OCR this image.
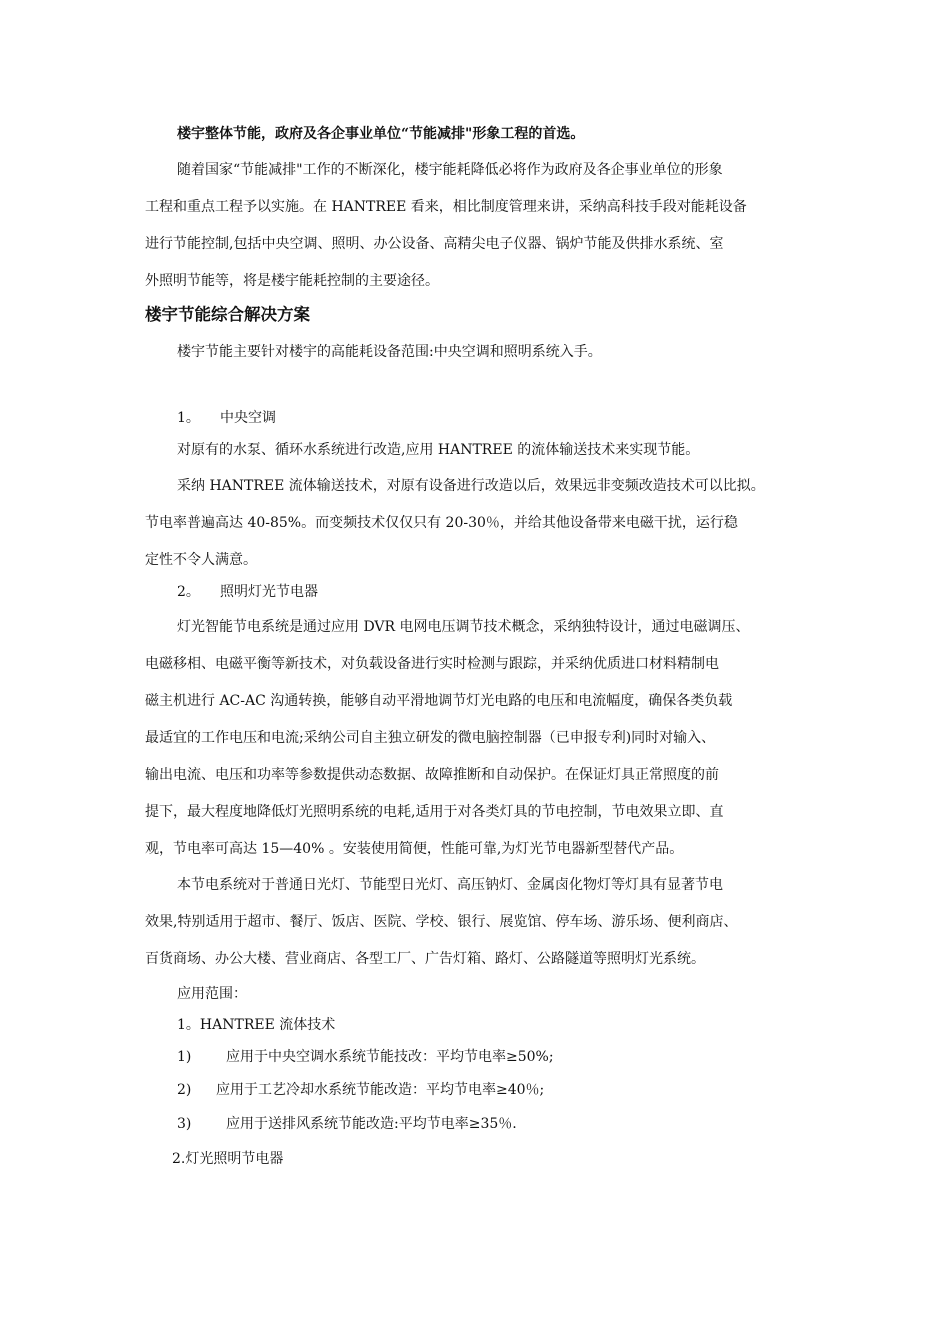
楼宇整体节能，政府及各企事业单位“节能减排"形象工程的首选。

随着国家“节能减排"工作的不断深化，楼宇能耗降低必将作为政府及各企事业单位的形象

工程和重点工程予以实施。在 HANTREE 看来，相比制度管理来讲，采纳高科技手段对能耗设备

进行节能控制,包括中央空调、照明、办公设备、高精尖电子仪器、锅炉节能及供排水系统、室

外照明节能等，将是楼宇能耗控制的主要途径。

楼宇节能综合解决方案

楼宇节能主要针对楼宇的高能耗设备范围:中央空调和照明系统入手。

1。 中央空调

对原有的水泵、循环水系统进行改造,应用 HANTREE 的流体输送技术来实现节能。

采纳 HANTREE 流体输送技术，对原有设备进行改造以后，效果远非变频改造技术可以比拟。

节电率普遍高达 40-85%。而变频技术仅仅只有 20-30％，并给其他设备带来电磁干扰，运行稳

定性不令人满意。

2。 照明灯光节电器

灯光智能节电系统是通过应用 DVR 电网电压调节技术概念，采纳独特设计，通过电磁调压、

电磁移相、电磁平衡等新技术，对负载设备进行实时检测与跟踪，并采纳优质进口材料精制电

磁主机进行 AC-AC 沟通转换，能够自动平滑地调节灯光电路的电压和电流幅度，确保各类负载

最适宜的工作电压和电流;采纳公司自主独立研发的微电脑控制器（已申报专利)同时对输入、

输出电流、电压和功率等参数提供动态数据、故障推断和自动保护。在保证灯具正常照度的前

提下，最大程度地降低灯光照明系统的电耗,适用于对各类灯具的节电控制，节电效果立即、直

观，节电率可高达 15—40% 。安装使用简便，性能可靠,为灯光节电器新型替代产品。

本节电系统对于普通日光灯、节能型日光灯、高压钠灯、金属卤化物灯等灯具有显著节电

效果,特别适用于超市、餐厅、饭店、医院、学校、银行、展览馆、停车场、游乐场、便利商店、

百货商场、办公大楼、营业商店、各型工厂、广告灯箱、路灯、公路隧道等照明灯光系统。

应用范围：

1。HANTREE 流体技术

1) 应用于中央空调水系统节能技改：平均节电率≥50%;
2) 应用于工艺冷却水系统节能改造：平均节电率≥40％;
3) 应用于送排风系统节能改造:平均节电率≥35％.

2.灯光照明节电器
